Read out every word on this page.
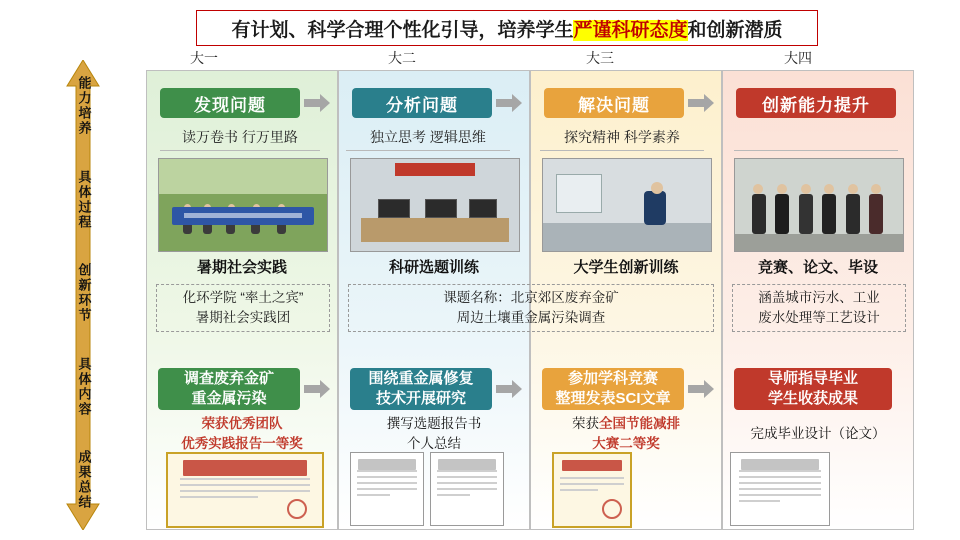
有计划、科学合理个性化引导，培养学生严谨科研态度和创新潜质
能力培养
具体过程
创新环节
具体内容
成果总结
大一	大二	大三	大四
发现问题	分析问题	解决问题	创新能力提升
读万卷书 行万里路	独立思考 逻辑思维	探究精神 科学素养
暑期社会实践	科研选题训练	大学生创新训练	竞赛、论文、毕设
化环学院 “率土之宾”
暑期社会实践团
课题名称：北京郊区废弃金矿
周边土壤重金属污染调查
涵盖城市污水、工业
废水处理等工艺设计
调查废弃金矿
重金属污染
围绕重金属修复
技术开展研究
参加学科竞赛
整理发表SCI文章
导师指导毕业
学生收获成果
荣获优秀团队
优秀实践报告一等奖
撰写选题报告书
个人总结
荣获全国节能减排
大赛二等奖
完成毕业设计（论文）
